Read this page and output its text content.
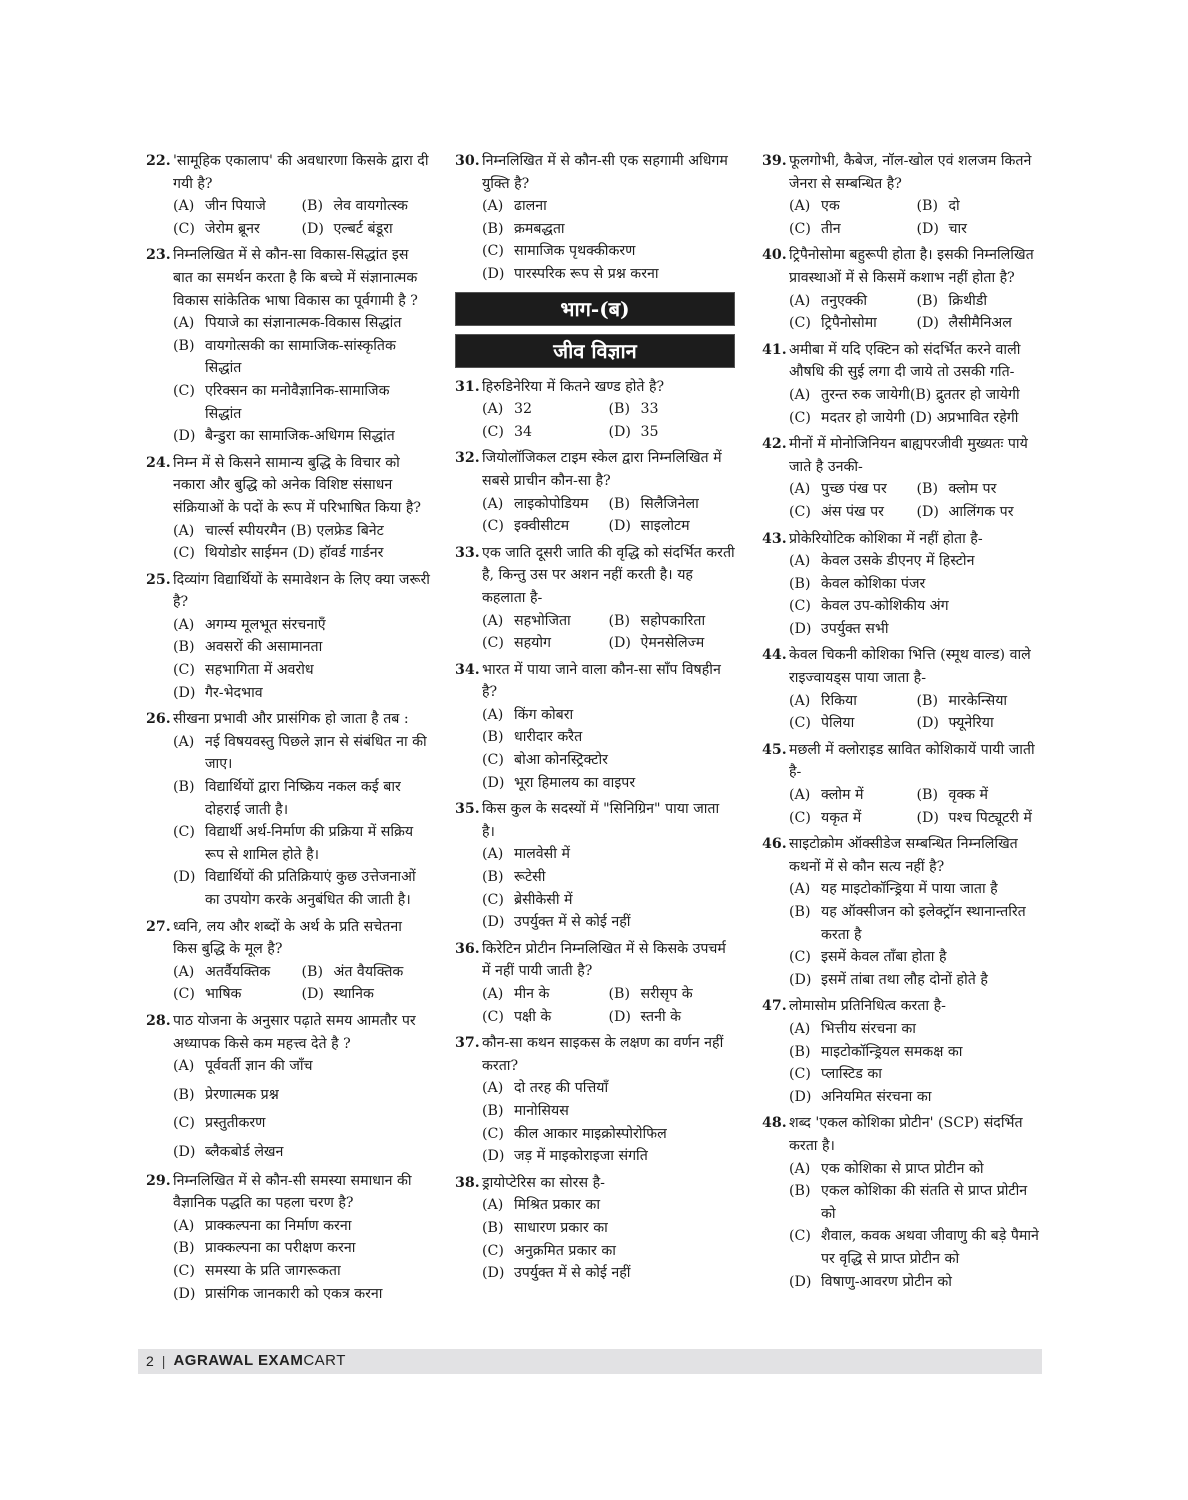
22. 'सामूहिक एकालाप' की अवधारणा किसके द्वारा दी गयी है?
(A) जीन पियाजे	(B) लेव वायगोत्स्क
(C) जेरोम ब्रूनर	(D) एल्बर्ट बंडूरा
23. निम्नलिखित में से कौन-सा विकास-सिद्धांत इस बात का समर्थन करता है कि बच्चे में संज्ञानात्मक विकास सांकेतिक भाषा विकास का पूर्वगामी है ?
(A) पियाजे का संज्ञानात्मक-विकास सिद्धांत
(B) वायगोत्सकी का सामाजिक-सांस्कृतिक सिद्धांत
(C) एरिक्सन का मनोवैज्ञानिक-सामाजिक सिद्धांत
(D) बैन्डुरा का सामाजिक-अधिगम सिद्धांत
24. निम्न में से किसने सामान्य बुद्धि के विचार को नकारा और बुद्धि को अनेक विशिष्ट संसाधन संक्रियाओं के पदों के रूप में परिभाषित किया है?
(A) चार्ल्स स्पीयरमैन (B) एलफ्रेड बिनेट
(C) थियोडोर साईमन (D) हॉवर्ड गार्डनर
25. दिव्यांग विद्यार्थियों के समावेशन के लिए क्या जरूरी है?
(A) अगम्य मूलभूत संरचनाएँ
(B) अवसरों की असामानता
(C) सहभागिता में अवरोध
(D) गैर-भेदभाव
26. सीखना प्रभावी और प्रासंगिक हो जाता है तब :
(A) नई विषयवस्तु पिछले ज्ञान से संबंधित ना की जाए।
(B) विद्यार्थियों द्वारा निष्क्रिय नकल कई बार दोहराई जाती है।
(C) विद्यार्थी अर्थ-निर्माण की प्रक्रिया में सक्रिय रूप से शामिल होते है।
(D) विद्यार्थियों की प्रतिक्रियाएं कुछ उत्तेजनाओं का उपयोग करके अनुबंधित की जाती है।
27. ध्वनि, लय और शब्दों के अर्थ के प्रति सचेतना किस बुद्धि के मूल है?
(A) अतर्वैयक्तिक	(B) अंत वैयक्तिक
(C) भाषिक	(D) स्थानिक
28. पाठ योजना के अनुसार पढ़ाते समय आमतौर पर अध्यापक किसे कम महत्त्व देते है ?
(A) पूर्ववर्ती ज्ञान की जाँच
(B) प्रेरणात्मक प्रश्न
(C) प्रस्तुतीकरण
(D) ब्लैकबोर्ड लेखन
29. निम्नलिखित में से कौन-सी समस्या समाधान की वैज्ञानिक पद्धति का पहला चरण है?
(A) प्राक्कल्पना का निर्माण करना
(B) प्राक्कल्पना का परीक्षण करना
(C) समस्या के प्रति जागरूकता
(D) प्रासंगिक जानकारी को एकत्र करना
30. निम्नलिखित में से कौन-सी एक सहगामी अधिगम युक्ति है?
(A) ढालना
(B) क्रमबद्धता
(C) सामाजिक पृथक्कीकरण
(D) पारस्परिक रूप से प्रश्न करना
भाग-(ब)
जीव विज्ञान
31. हिरुडिनेरिया में कितने खण्ड होते है?
(A) 32	(B) 33
(C) 34	(D) 35
32. जियोलॉजिकल टाइम स्केल द्वारा निम्नलिखित में सबसे प्राचीन कौन-सा है?
(A) लाइकोपोडियम	(B) सिलैजिनेला
(C) इक्वीसीटम	(D) साइलोटम
33. एक जाति दूसरी जाति की वृद्धि को संदर्भित करती है, किन्तु उस पर अशन नहीं करती है। यह कहलाता है-
(A) सहभोजिता	(B) सहोपकारिता
(C) सहयोग	(D) ऐमनसेलिज्म
34. भारत में पाया जाने वाला कौन-सा साँप विषहीन है?
(A) किंग कोबरा
(B) धारीदार करैत
(C) बोआ कोनस्ट्रिक्टोर
(D) भूरा हिमालय का वाइपर
35. किस कुल के सदस्यों में "सिनिग्रिन" पाया जाता है।
(A) मालवेसी में
(B) रूटेसी
(C) ब्रेसीकेसी में
(D) उपर्युक्त में से कोई नहीं
36. किरेटिन प्रोटीन निम्नलिखित में से किसके उपचर्म में नहीं पायी जाती है?
(A) मीन के	(B) सरीसृप के
(C) पक्षी के	(D) स्तनी के
37. कौन-सा कथन साइकस के लक्षण का वर्णन नहीं करता?
(A) दो तरह की पत्तियाँ
(B) मानोसियस
(C) कील आकार माइक्रोस्पोरोफिल
(D) जड़ में माइकोराइजा संगति
38. ड्रायोप्टेरिस का सोरस है-
(A) मिश्रित प्रकार का
(B) साधारण प्रकार का
(C) अनुक्रमित प्रकार का
(D) उपर्युक्त में से कोई नहीं
39. फूलगोभी, कैबेज, नॉल-खोल एवं शलजम कितने जेनरा से सम्बन्धित है?
(A) एक	(B) दो
(C) तीन	(D) चार
40. ट्रिपैनोसोमा बहुरूपी होता है। इसकी निम्नलिखित प्रावस्थाओं में से किसमें कशाभ नहीं होता है?
(A) तनुएक्की	(B) क्रिथीडी
(C) ट्रिपैनोसोमा	(D) लैसीमैनिअल
41. अमीबा में यदि एक्टिन को संदर्भित करने वाली औषधि की सुई लगा दी जाये तो उसकी गति-
(A) तुरन्त रुक जायेगी(B) द्रुततर हो जायेगी
(C) मदतर हो जायेगी (D) अप्रभावित रहेगी
42. मीनों में मोनोजिनियन बाह्यपरजीवी मुख्यतः पाये जाते है उनकी-
(A) पुच्छ पंख पर	(B) क्लोम पर
(C) अंस पंख पर	(D) आलिंगक पर
43. प्रोकेरियोटिक कोशिका में नहीं होता है-
(A) केवल उसके डीएनए में हिस्टोन
(B) केवल कोशिका पंजर
(C) केवल उप-कोशिकीय अंग
(D) उपर्युक्त सभी
44. केवल चिकनी कोशिका भित्ति (स्मूथ वाल्ड) वाले राइज्वायड्स पाया जाता है-
(A) रिकिया	(B) मारकेन्सिया
(C) पेलिया	(D) फ्यूनेरिया
45. मछली में क्लोराइड स्रावित कोशिकायें पायी जाती है-
(A) क्लोम में	(B) वृक्क में
(C) यकृत में	(D) पश्च पिट्यूटरी में
46. साइटोक्रोम ऑक्सीडेज सम्बन्धित निम्नलिखित कथनों में से कौन सत्य नहीं है?
(A) यह माइटोकॉन्ड्रिया में पाया जाता है
(B) यह ऑक्सीजन को इलेक्ट्रॉन स्थानान्तरित करता है
(C) इसमें केवल ताँबा होता है
(D) इसमें तांबा तथा लौह दोनों होते है
47. लोमासोम प्रतिनिधित्व करता है-
(A) भित्तीय संरचना का
(B) माइटोकॉन्ड्रियल समकक्ष का
(C) प्लास्टिड का
(D) अनियमित संरचना का
48. शब्द 'एकल कोशिका प्रोटीन' (SCP) संदर्भित करता है।
(A) एक कोशिका से प्राप्त प्रोटीन को
(B) एकल कोशिका की संतति से प्राप्त प्रोटीन को
(C) शैवाल, कवक अथवा जीवाणु की बड़े पैमाने पर वृद्धि से प्राप्त प्रोटीन को
(D) विषाणु-आवरण प्रोटीन को
2 | AGRAWAL EXAMCART
